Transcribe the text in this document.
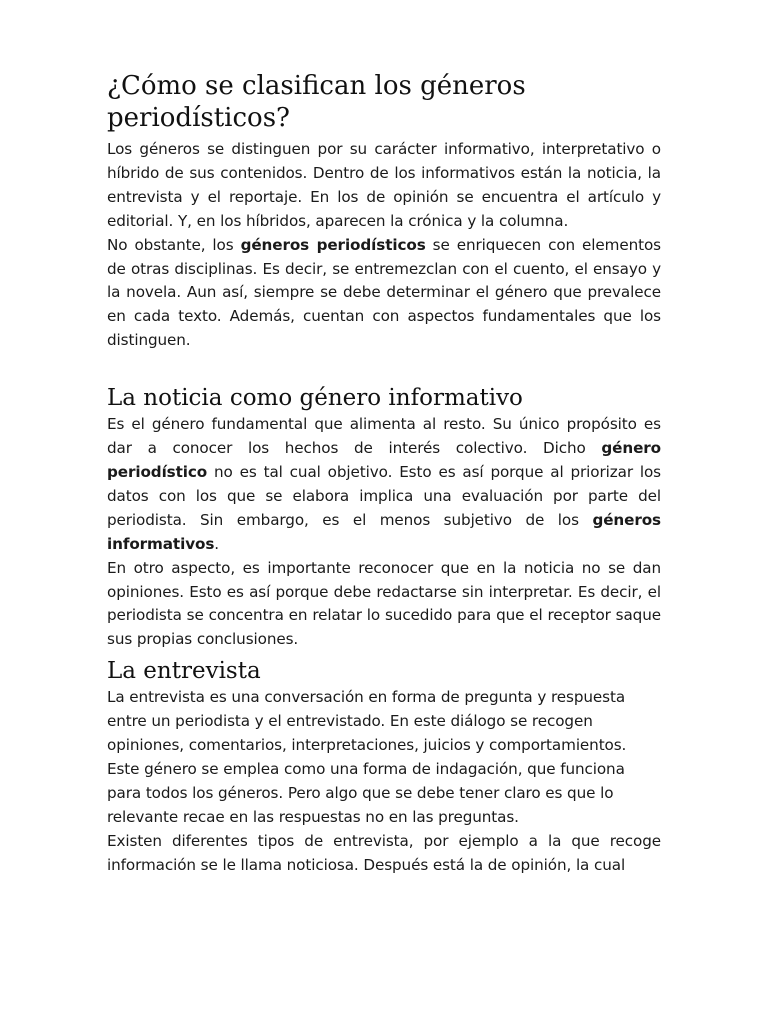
¿Cómo se clasifican los géneros periodísticos?

Los géneros se distinguen por su carácter informativo, interpretativo o híbrido de sus contenidos. Dentro de los informativos están la noticia, la entrevista y el reportaje. En los de opinión se encuentra el artículo y editorial. Y, en los híbridos, aparecen la crónica y la columna.

No obstante, los géneros periodísticos se enriquecen con elementos de otras disciplinas. Es decir, se entremezclan con el cuento, el ensayo y la novela. Aun así, siempre se debe determinar el género que prevalece en cada texto. Además, cuentan con aspectos fundamentales que los distinguen.

La noticia como género informativo

Es el género fundamental que alimenta al resto. Su único propósito es dar a conocer los hechos de interés colectivo. Dicho género periodístico no es tal cual objetivo. Esto es así porque al priorizar los datos con los que se elabora implica una evaluación por parte del periodista. Sin embargo, es el menos subjetivo de los géneros informativos.

En otro aspecto, es importante reconocer que en la noticia no se dan opiniones. Esto es así porque debe redactarse sin interpretar. Es decir, el periodista se concentra en relatar lo sucedido para que el receptor saque sus propias conclusiones.

La entrevista

La entrevista es una conversación en forma de pregunta y respuesta entre un periodista y el entrevistado. En este diálogo se recogen opiniones, comentarios, interpretaciones, juicios y comportamientos.

Este género se emplea como una forma de indagación, que funciona para todos los géneros. Pero algo que se debe tener claro es que lo relevante recae en las respuestas no en las preguntas.

Existen diferentes tipos de entrevista, por ejemplo a la que recoge información se le llama noticiosa. Después está la de opinión, la cual
